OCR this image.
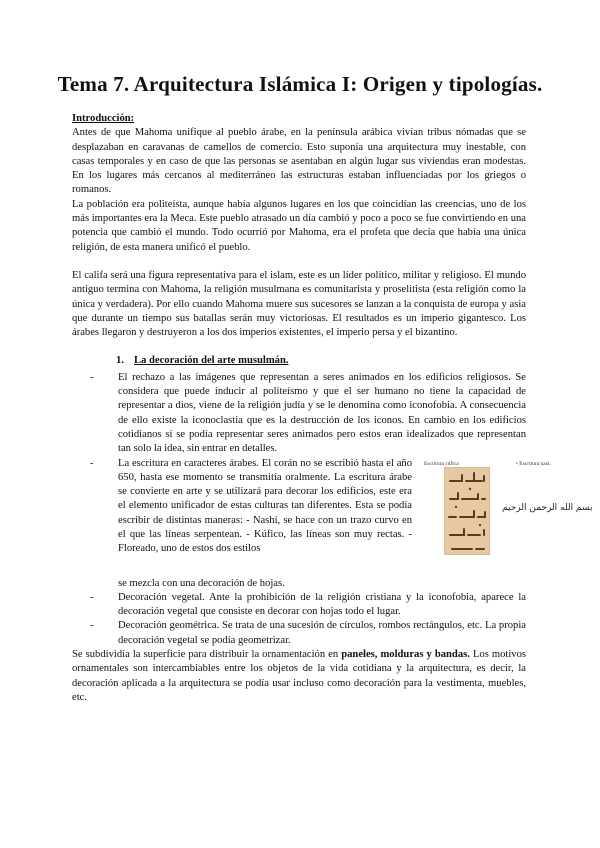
Tema 7. Arquitectura Islámica I: Origen y tipologías.

Introducción:

Antes de que Mahoma unifique al pueblo árabe, en la península arábica vivían tribus nómadas que se desplazaban en caravanas de camellos de comercio. Esto suponía una arquitectura muy inestable, con casas temporales y en caso de que las personas se asentaban en algún lugar sus viviendas eran modestas. En los lugares más cercanos al mediterráneo las estructuras estaban influenciadas por los griegos o romanos.

La población era politeísta, aunque había algunos lugares en los que coincidían las creencias, uno de los más importantes era la Meca. Este pueblo atrasado un día cambió y poco a poco se fue convirtiendo en una potencia que cambió el mundo. Todo ocurrió por Mahoma, era el profeta que decía que había una única religión, de esta manera unificó el pueblo.

El califa será una figura representativa para el islam, este es un líder político, militar y religioso. El mundo antiguo termina con Mahoma, la religión musulmana es comunitarista y proselitista (esta religión como la única y verdadera). Por ello cuando Mahoma muere sus sucesores se lanzan a la conquista de europa y asia que durante un tiempo sus batallas serán muy victoriosas. El resultados es un imperio gigantesco. Los árabes llegaron y destruyeron a los dos imperios existentes, el imperio persa y el bizantino.

1. La decoración del arte musulmán.
- El rechazo a las imágenes que representan a seres animados en los edificios religiosos. Se considera que puede inducir al politeísmo y que el ser humano no tiene la capacidad de representar a dios, viene de la religión judía y se le denomina como iconofobia. A consecuencia de ello existe la iconoclastia que es la destrucción de los iconos. En cambio en los edificios cotidianos sí se podía representar seres animados pero estos eran idealizados que representan tan solo la idea, sin entrar en detalles.
- La escritura en caracteres árabes. El corán no se escribió hasta el año 650, hasta ese momento se transmitía oralmente. La escritura árabe se convierte en arte y se utilizará para decorar los edificios, este era el elemento unificador de estas culturas tan diferentes. Esta se podía escribir de distintas maneras: - Nashí, se hace con un trazo curvo en el que las líneas serpentean. - Kúfico, las líneas son muy rectas. - Floreado, uno de estos dos estilos
Escritura cúfica	• Escritura nasí.
بسم الله الرحمن الرحيم
se mezcla con una decoración de hojas.
- Decoración vegetal. Ante la prohibición de la religión cristiana y la iconofobia, aparece la decoración vegetal que consiste en decorar con hojas todo el lugar.
- Decoración geométrica. Se trata de una sucesión de círculos, rombos rectángulos, etc. La propia decoración vegetal se podía geometrizar.

Se subdividía la superficie para distribuir la ornamentación en paneles, molduras y bandas. Los motivos ornamentales son intercambiables entre los objetos de la vida cotidiana y la arquitectura, es decir, la decoración aplicada a la arquitectura se podía usar incluso como decoración para la vestimenta, muebles, etc.
